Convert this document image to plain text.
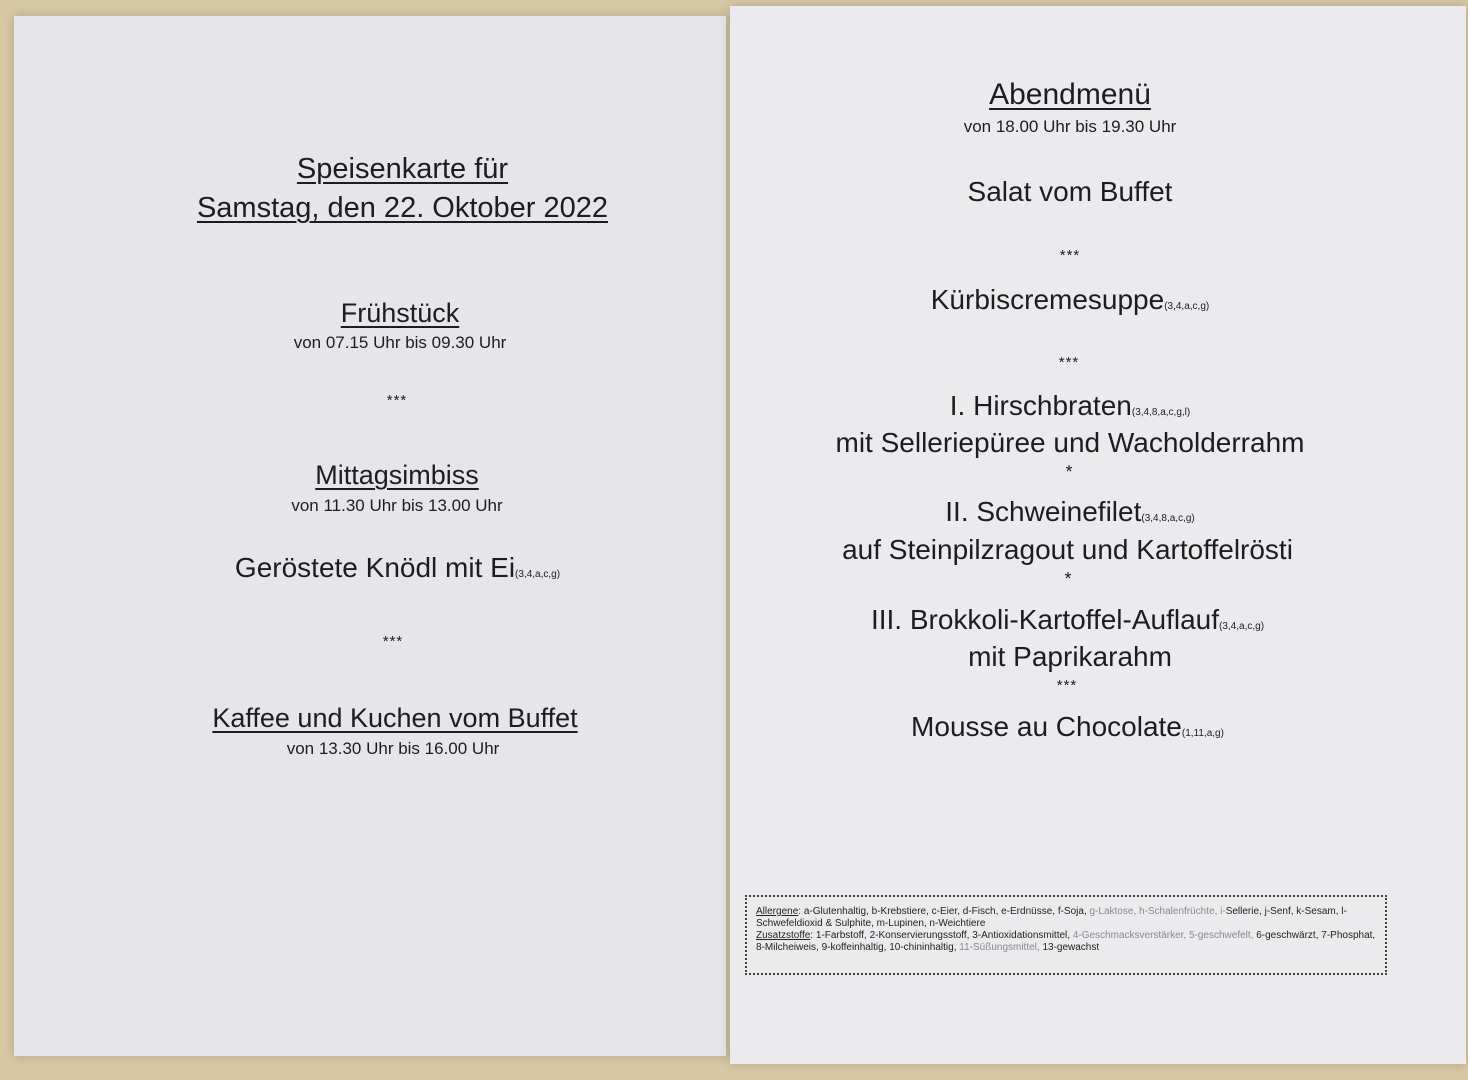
Speisenkarte für
Samstag, den 22. Oktober 2022
Frühstück
von 07.15 Uhr bis 09.30 Uhr
***
Mittagsimbiss
von 11.30 Uhr bis 13.00 Uhr
Geröstete Knödl mit Ei(3,4,a,c,g)
***
Kaffee und Kuchen vom Buffet
von 13.30 Uhr bis 16.00 Uhr
Abendmenü
von 18.00 Uhr bis 19.30 Uhr
Salat vom Buffet
***
Kürbiscremesuppe(3,4,a,c,g)
***
I. Hirschbraten(3,4,8,a,c,g,l)
mit Selleriepüree und Wacholderrahm
*
II. Schweinefilet(3,4,8,a,c,g)
auf Steinpilzragout und Kartoffelrösti
*
III. Brokkoli-Kartoffel-Auflauf(3,4,a,c,g)
mit Paprikarahm
***
Mousse au Chocolate(1,11,a,g)
Allergene: a-Glutenhaltig, b-Krebstiere, c-Eier, d-Fisch, e-Erdnüsse, f-Soja, g-Laktose, h-Schalenfrüchte, i-Sellerie, j-Senf, k-Sesam, l-Schwefeldioxid & Sulphite, m-Lupinen, n-Weichtiere
Zusatzstoffe: 1-Farbstoff, 2-Konservierungsstoff, 3-Antioxidationsmittel, 4-Geschmacksverstärker, 5-geschwefelt, 6-geschwärzt, 7-Phosphat, 8-Milcheiweis, 9-koffeinhaltig, 10-chininhaltig, 11-Süßungsmittel, 13-gewachst
